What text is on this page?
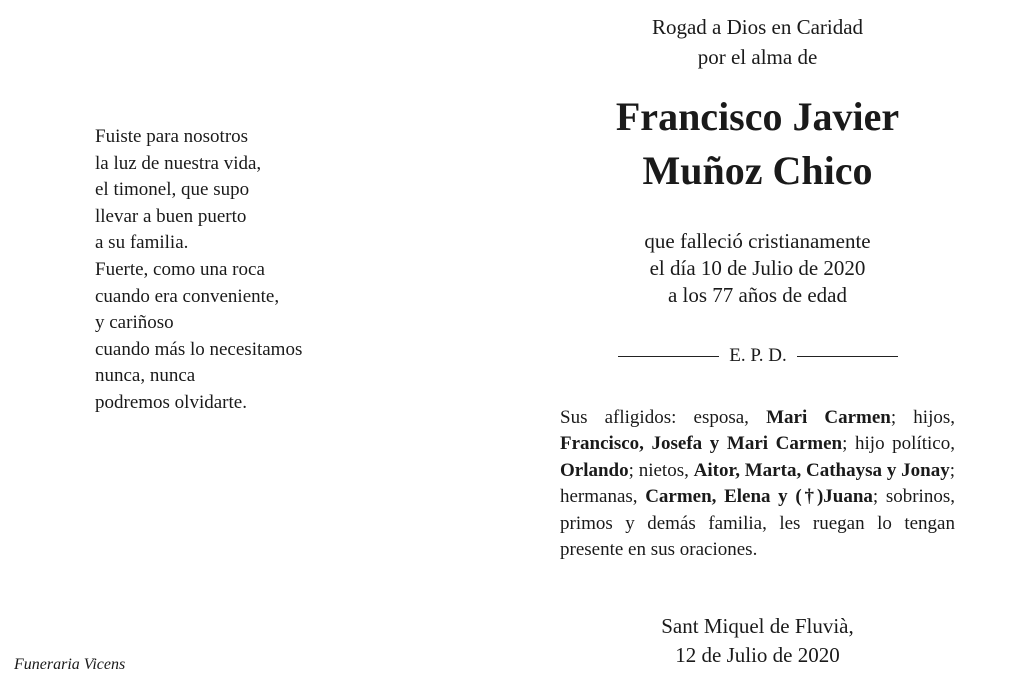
Fuiste para nosotros
la luz de nuestra vida,
el timonel, que supo
llevar a buen puerto
a su familia.
Fuerte, como una roca
cuando era conveniente,
y cariñoso
cuando más lo necesitamos
nunca, nunca
podremos olvidarte.
Funeraria Vicens
Rogad a Dios en Caridad
por el alma de
Francisco Javier
Muñoz Chico
que falleció cristianamente
el día 10 de Julio de 2020
a los 77 años de edad
E. P. D.
Sus afligidos: esposa, Mari Carmen; hijos, Francisco, Josefa y Mari Carmen; hijo político, Orlando; nietos, Aitor, Marta, Cathaysa y Jonay; hermanas, Carmen, Elena y (†)Juana; sobrinos, primos y demás familia, les ruegan lo tengan presente en sus oraciones.
Sant Miquel de Fluvià,
12 de Julio de 2020
